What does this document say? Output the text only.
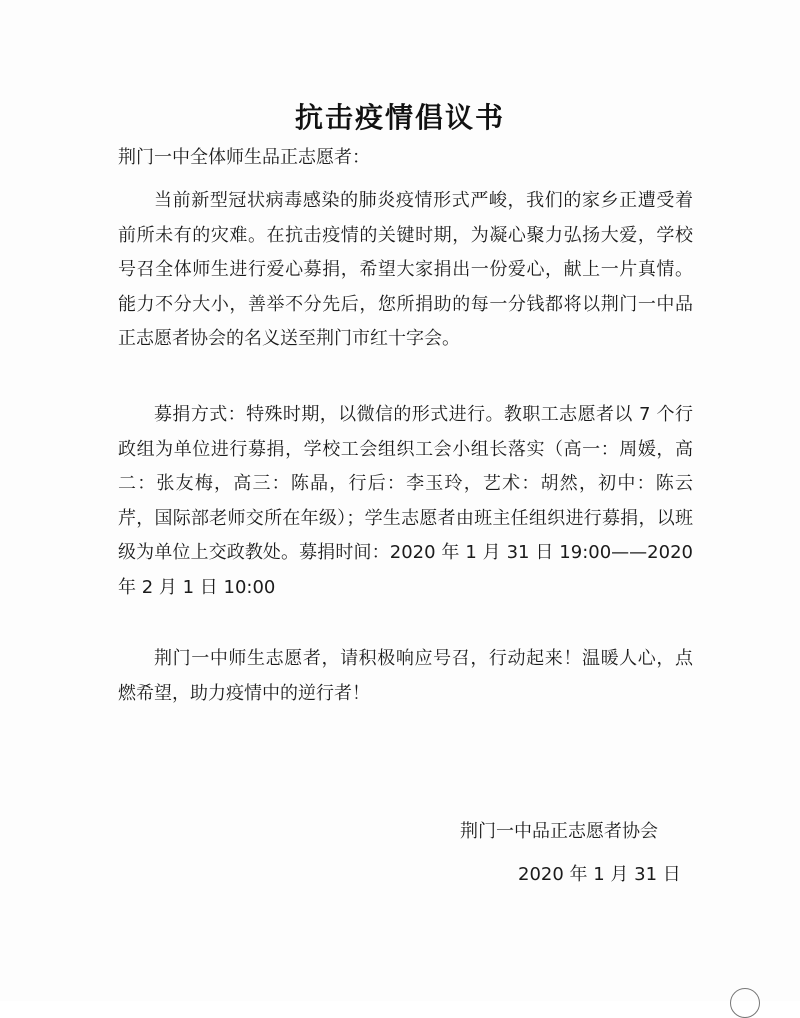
抗击疫情倡议书
荆门一中全体师生品正志愿者：
当前新型冠状病毒感染的肺炎疫情形式严峻，我们的家乡正遭受着前所未有的灾难。在抗击疫情的关键时期，为凝心聚力弘扬大爱，学校号召全体师生进行爱心募捐，希望大家捐出一份爱心，献上一片真情。能力不分大小，善举不分先后，您所捐助的每一分钱都将以荆门一中品正志愿者协会的名义送至荆门市红十字会。
募捐方式：特殊时期，以微信的形式进行。教职工志愿者以 7 个行政组为单位进行募捐，学校工会组织工会小组长落实（高一：周媛，高二：张友梅，高三：陈晶，行后：李玉玲，艺术：胡然，初中：陈云芹，国际部老师交所在年级）；学生志愿者由班主任组织进行募捐，以班级为单位上交政教处。募捐时间：2020 年 1 月 31 日 19:00——2020 年 2 月 1 日 10:00
荆门一中师生志愿者，请积极响应号召，行动起来！温暖人心，点燃希望，助力疫情中的逆行者！
荆门一中品正志愿者协会
2020 年 1 月 31 日
